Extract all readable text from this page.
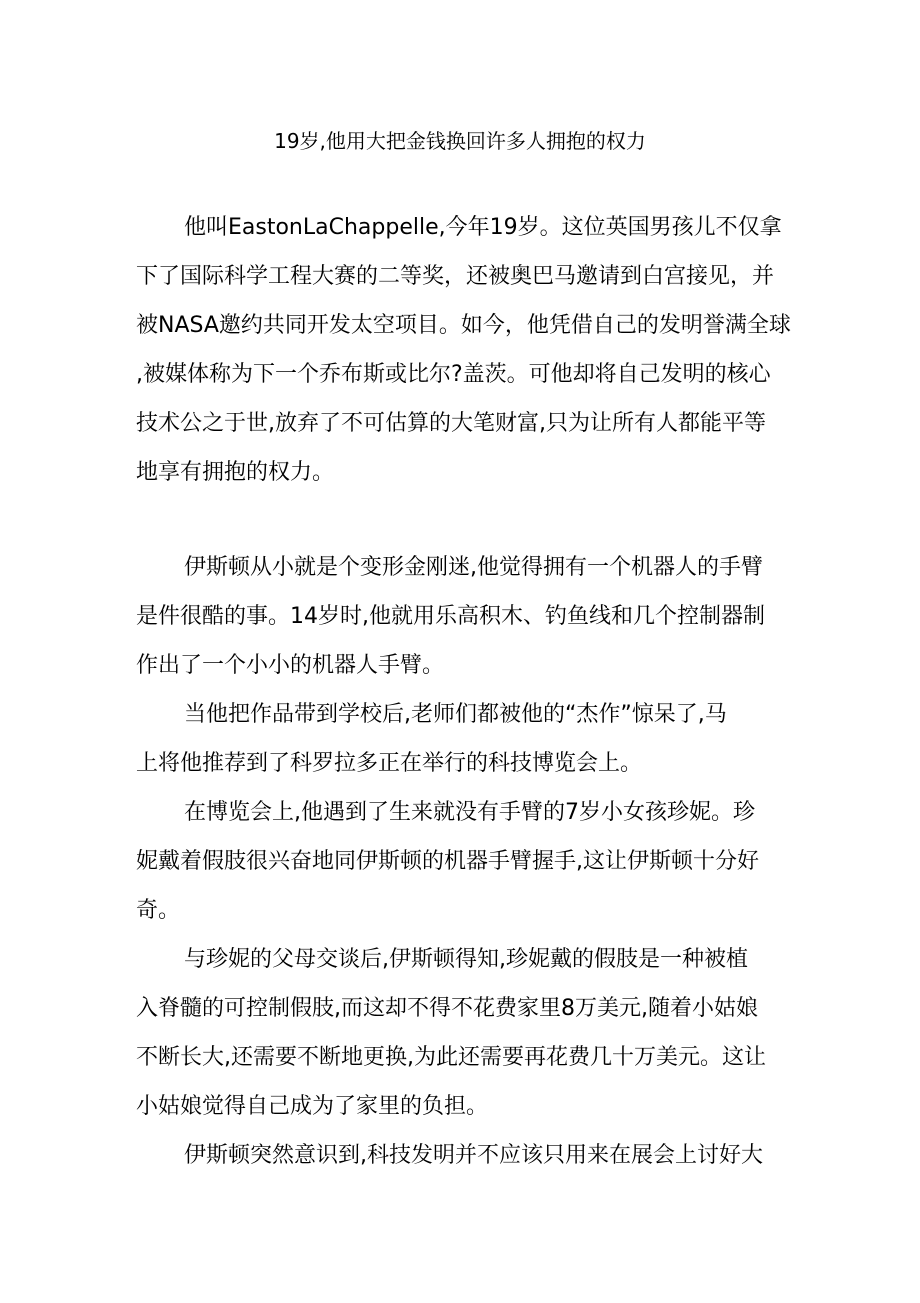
19岁,他用大把金钱换回许多人拥抱的权力
他叫EastonLaChappelle,今年19岁。这位英国男孩儿不仅拿
下了国际科学工程大赛的二等奖，还被奥巴马邀请到白宫接见，并
被NASA邀约共同开发太空项目。如今，他凭借自己的发明誉满全球
,被媒体称为下一个乔布斯或比尔?盖茨。可他却将自己发明的核心
技术公之于世,放弃了不可估算的大笔财富,只为让所有人都能平等
地享有拥抱的权力。
伊斯顿从小就是个变形金刚迷,他觉得拥有一个机器人的手臂
是件很酷的事。14岁时,他就用乐高积木、钓鱼线和几个控制器制
作出了一个小小的机器人手臂。
当他把作品带到学校后,老师们都被他的“杰作”惊呆了,马
上将他推荐到了科罗拉多正在举行的科技博览会上。
在博览会上,他遇到了生来就没有手臂的7岁小女孩珍妮。珍
妮戴着假肢很兴奋地同伊斯顿的机器手臂握手,这让伊斯顿十分好
奇。
与珍妮的父母交谈后,伊斯顿得知,珍妮戴的假肢是一种被植
入脊髓的可控制假肢,而这却不得不花费家里8万美元,随着小姑娘
不断长大,还需要不断地更换,为此还需要再花费几十万美元。这让
小姑娘觉得自己成为了家里的负担。
伊斯顿突然意识到,科技发明并不应该只用来在展会上讨好大
